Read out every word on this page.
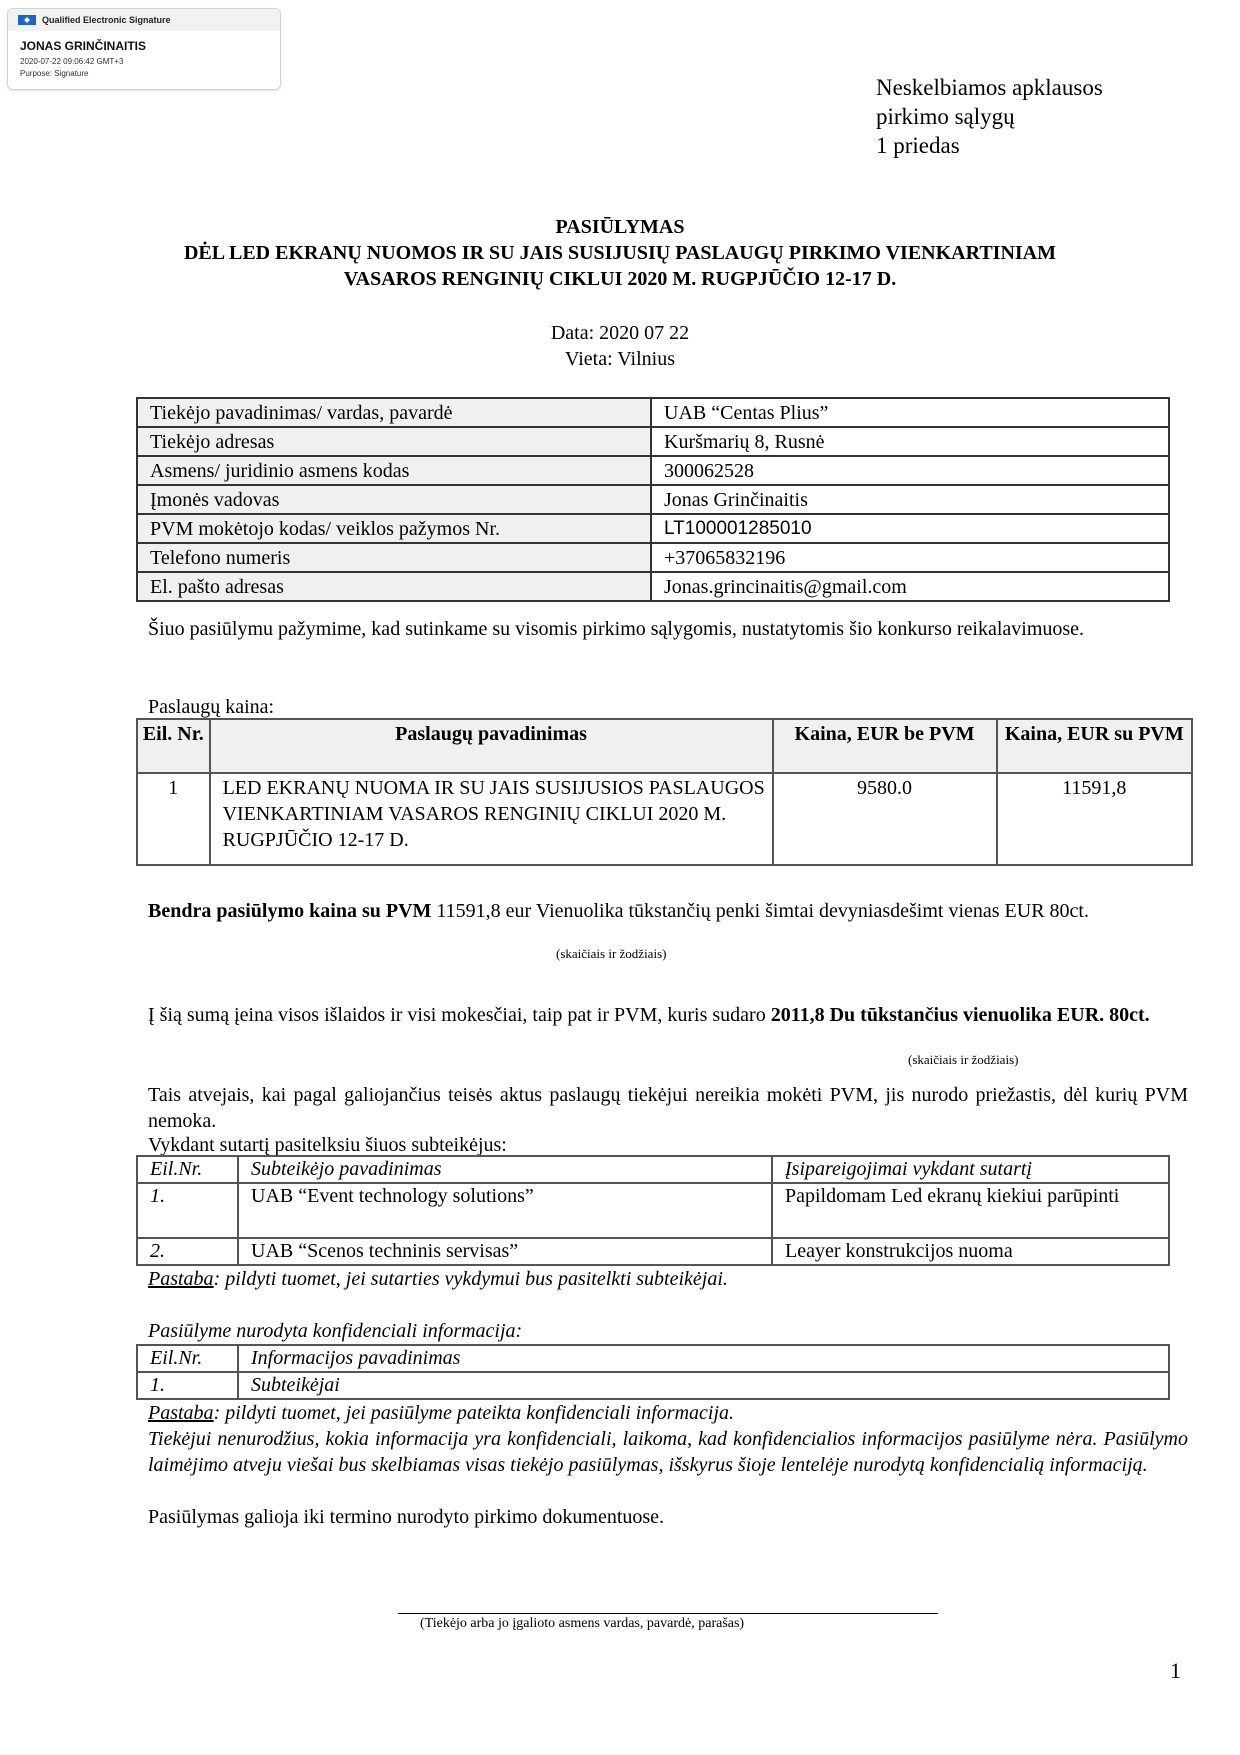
Qualified Electronic Signature
JONAS GRINČINAITIS
2020-07-22 09:06:42 GMT+3
Purpose: Signature
Neskelbiamos apklausos
pirkimo sąlygų
1 priedas
PASIŪLYMAS
DĖL LED EKRANŲ NUOMOS IR SU JAIS SUSIJUSIŲ PASLAUGŲ PIRKIMO VIENKARTINIAM
VASAROS RENGINIŲ CIKLUI 2020 M. RUGPJŪČIO 12-17 D.
Data: 2020 07 22
Vieta: Vilnius
Tiekėjo pavadinimas/ vardas, pavardė	UAB “Centas Plius”
Tiekėjo adresas	Kuršmarių 8, Rusnė
Asmens/ juridinio asmens kodas	300062528
Įmonės vadovas	Jonas Grinčinaitis
PVM mokėtojo kodas/ veiklos pažymos Nr.	LT100001285010
Telefono numeris	+37065832196
El. pašto adresas	Jonas.grincinaitis@gmail.com
Šiuo pasiūlymu pažymime, kad sutinkame su visomis pirkimo sąlygomis, nustatytomis šio konkurso reikalavimuose.
Paslaugų kaina:
Eil. Nr.	Paslaugų pavadinimas	Kaina, EUR be PVM	Kaina, EUR su PVM
1	LED EKRANŲ NUOMA IR SU JAIS SUSIJUSIOS PASLAUGOS VIENKARTINIAM VASAROS RENGINIŲ CIKLUI 2020 M. RUGPJŪČIO 12-17 D.	9580.0	11591,8
Bendra pasiūlymo kaina su PVM 11591,8 eur Vienuolika tūkstančių penki šimtai devyniasdešimt vienas EUR 80ct.
(skaičiais ir žodžiais)
Į šią sumą įeina visos išlaidos ir visi mokesčiai, taip pat ir PVM, kuris sudaro 2011,8 Du tūkstančius vienuolika EUR. 80ct.
(skaičiais ir žodžiais)
Tais atvejais, kai pagal galiojančius teisės aktus paslaugų tiekėjui nereikia mokėti PVM, jis nurodo priežastis, dėl kurių PVM nemoka.
Vykdant sutartį pasitelksiu šiuos subteikėjus:
Eil.Nr.	Subteikėjo pavadinimas	Įsipareigojimai vykdant sutartį
1.	UAB “Event technology solutions”	Papildomam Led ekranų kiekiui parūpinti
2.	UAB “Scenos techninis servisas”	Leayer konstrukcijos nuoma
Pastaba: pildyti tuomet, jei sutarties vykdymui bus pasitelkti subteikėjai.
Pasiūlyme nurodyta konfidenciali informacija:
Eil.Nr.	Informacijos pavadinimas
1.	Subteikėjai
Pastaba: pildyti tuomet, jei pasiūlyme pateikta konfidenciali informacija.
Tiekėjui nenurodžius, kokia informacija yra konfidenciali, laikoma, kad konfidencialios informacijos pasiūlyme nėra. Pasiūlymo laimėjimo atveju viešai bus skelbiamas visas tiekėjo pasiūlymas, išskyrus šioje lentelėje nurodytą konfidencialią informaciją.
Pasiūlymas galioja iki termino nurodyto pirkimo dokumentuose.
(Tiekėjo arba jo įgalioto asmens vardas, pavardė, parašas)
1
